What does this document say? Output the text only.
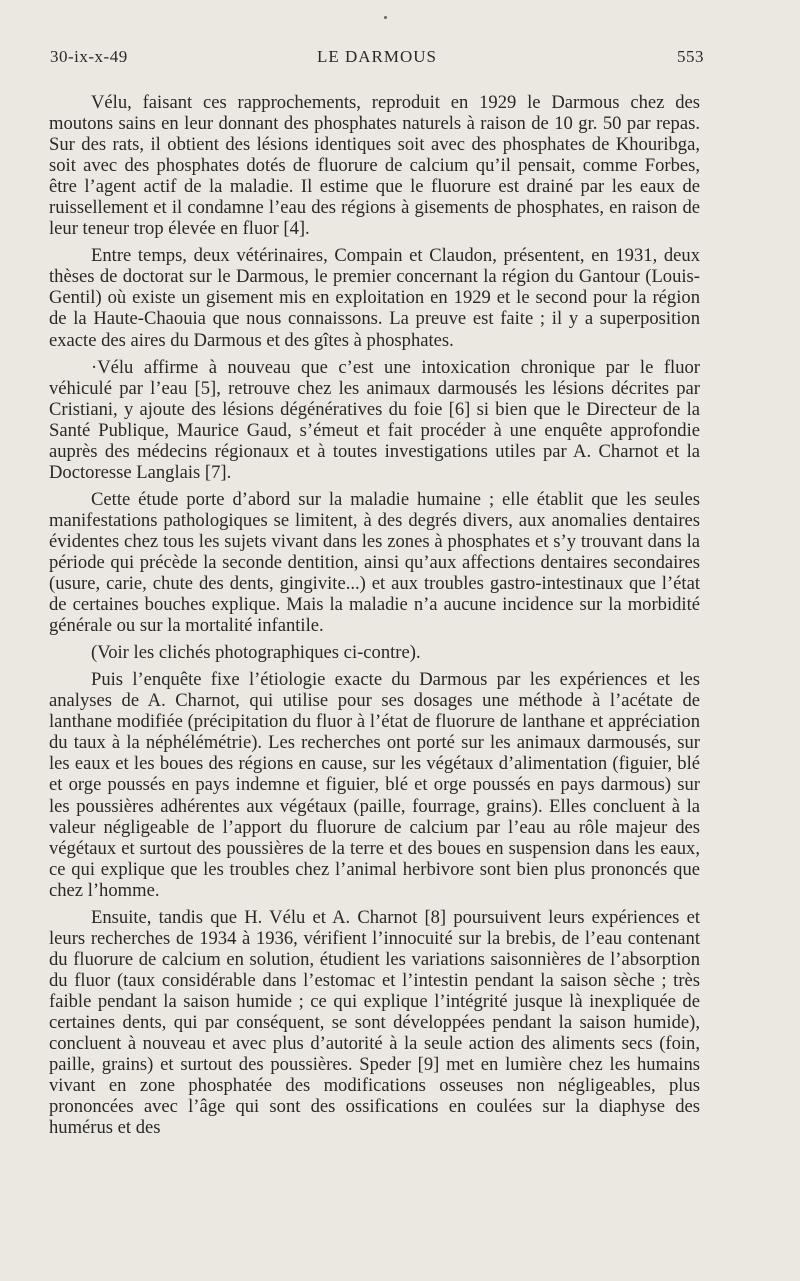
30-ix-x-49	LE DARMOUS	553

Vélu, faisant ces rapprochements, reproduit en 1929 le Darmous chez des moutons sains en leur donnant des phosphates naturels à raison de 10 gr. 50 par repas. Sur des rats, il obtient des lésions identiques soit avec des phosphates de Khouribga, soit avec des phosphates dotés de fluorure de calcium qu’il pensait, comme Forbes, être l’agent actif de la maladie. Il estime que le fluorure est drainé par les eaux de ruissellement et il condamne l’eau des régions à gisements de phosphates, en raison de leur teneur trop élevée en fluor [4].

Entre temps, deux vétérinaires, Compain et Claudon, présentent, en 1931, deux thèses de doctorat sur le Darmous, le premier concernant la région du Gantour (Louis-Gentil) où existe un gisement mis en exploitation en 1929 et le second pour la région de la Haute-Chaouia que nous connaissons. La preuve est faite ; il y a superposition exacte des aires du Darmous et des gîtes à phosphates.

·Vélu affirme à nouveau que c’est une intoxication chronique par le fluor véhiculé par l’eau [5], retrouve chez les animaux darmousés les lésions décrites par Cristiani, y ajoute des lésions dégénératives du foie [6] si bien que le Directeur de la Santé Publique, Maurice Gaud, s’émeut et fait procéder à une enquête approfondie auprès des médecins régionaux et à toutes investigations utiles par A. Charnot et la Doctoresse Langlais [7].

Cette étude porte d’abord sur la maladie humaine ; elle établit que les seules manifestations pathologiques se limitent, à des degrés divers, aux anomalies dentaires évidentes chez tous les sujets vivant dans les zones à phosphates et s’y trouvant dans la période qui précède la seconde dentition, ainsi qu’aux affections dentaires secondaires (usure, carie, chute des dents, gingivite...) et aux troubles gastro-intestinaux que l’état de certaines bouches explique. Mais la maladie n’a aucune incidence sur la morbidité générale ou sur la mortalité infantile.

(Voir les clichés photographiques ci-contre).

Puis l’enquête fixe l’étiologie exacte du Darmous par les expériences et les analyses de A. Charnot, qui utilise pour ses dosages une méthode à l’acétate de lanthane modifiée (précipitation du fluor à l’état de fluorure de lanthane et appréciation du taux à la néphélémétrie). Les recherches ont porté sur les animaux darmousés, sur les eaux et les boues des régions en cause, sur les végétaux d’alimentation (figuier, blé et orge poussés en pays indemne et figuier, blé et orge poussés en pays darmous) sur les poussières adhérentes aux végétaux (paille, fourrage, grains). Elles concluent à la valeur négligeable de l’apport du fluorure de calcium par l’eau au rôle majeur des végétaux et surtout des poussières de la terre et des boues en suspension dans les eaux, ce qui explique que les troubles chez l’animal herbivore sont bien plus prononcés que chez l’homme.

Ensuite, tandis que H. Vélu et A. Charnot [8] poursuivent leurs expériences et leurs recherches de 1934 à 1936, vérifient l’innocuité sur la brebis, de l’eau contenant du fluorure de calcium en solution, étudient les variations saisonnières de l’absorption du fluor (taux considérable dans l’estomac et l’intestin pendant la saison sèche ; très faible pendant la saison humide ; ce qui explique l’intégrité jusque là inexpliquée de certaines dents, qui par conséquent, se sont développées pendant la saison humide), concluent à nouveau et avec plus d’autorité à la seule action des aliments secs (foin, paille, grains) et surtout des poussières. Speder [9] met en lumière chez les humains vivant en zone phosphatée des modifications osseuses non négligeables, plus prononcées avec l’âge qui sont des ossifications en coulées sur la diaphyse des humérus et des
